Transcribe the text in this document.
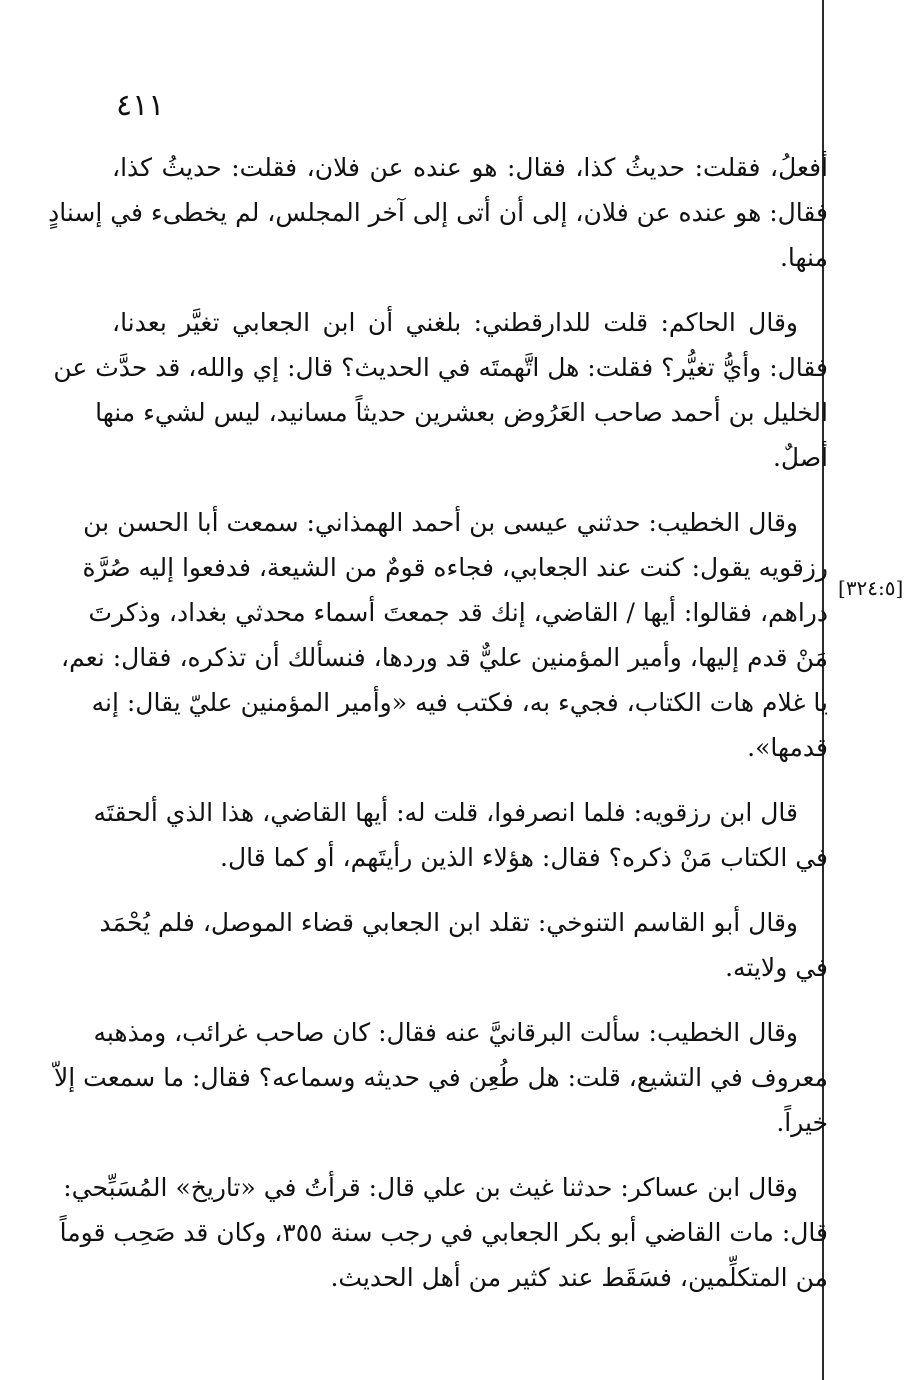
٤١١
[٣٢٤:٥]
أفعلُ، فقلت: حديثُ كذا، فقال: هو عنده عن فلان، فقلت: حديثُ كذا،
فقال: هو عنده عن فلان، إلى أن أتى إلى آخر المجلس، لم يخطىء في إسنادٍ
منها.
وقال الحاكم: قلت للدارقطني: بلغني أن ابن الجعابي تغيَّر بعدنا،
فقال: وأيُّ تغيُّر؟ فقلت: هل اتَّهمتَه في الحديث؟ قال: إي والله، قد حدَّث عن
الخليل بن أحمد صاحب العَرُوض بعشرين حديثاً مسانيد، ليس لشيء منها
أصلٌ.
وقال الخطيب: حدثني عيسى بن أحمد الهمذاني: سمعت أبا الحسن بن
رزقويه يقول: كنت عند الجعابي، فجاءه قومٌ من الشيعة، فدفعوا إليه صُرَّة
دراهم، فقالوا: أيها / القاضي، إنك قد جمعتَ أسماء محدثي بغداد، وذكرتَ
مَنْ قدم إليها، وأمير المؤمنين عليٌّ قد وردها، فنسألك أن تذكره، فقال: نعم،
يا غلام هات الكتاب، فجيء به، فكتب فيه «وأمير المؤمنين عليّ يقال: إنه
قدمها».
قال ابن رزقويه: فلما انصرفوا، قلت له: أيها القاضي، هذا الذي ألحقتَه
في الكتاب مَنْ ذكره؟ فقال: هؤلاء الذين رأيتَهم، أو كما قال.
وقال أبو القاسم التنوخي: تقلد ابن الجعابي قضاء الموصل، فلم يُحْمَد
في ولايته.
وقال الخطيب: سألت البرقانيَّ عنه فقال: كان صاحب غرائب، ومذهبه
معروف في التشيع، قلت: هل طُعِن في حديثه وسماعه؟ فقال: ما سمعت إلاّ
خيراً.
وقال ابن عساكر: حدثنا غيث بن علي قال: قرأتُ في «تاريخ» المُسَبِّحي:
قال: مات القاضي أبو بكر الجعابي في رجب سنة ٣٥٥، وكان قد صَحِب قوماً
من المتكلِّمين، فسَقَط عند كثير من أهل الحديث.
